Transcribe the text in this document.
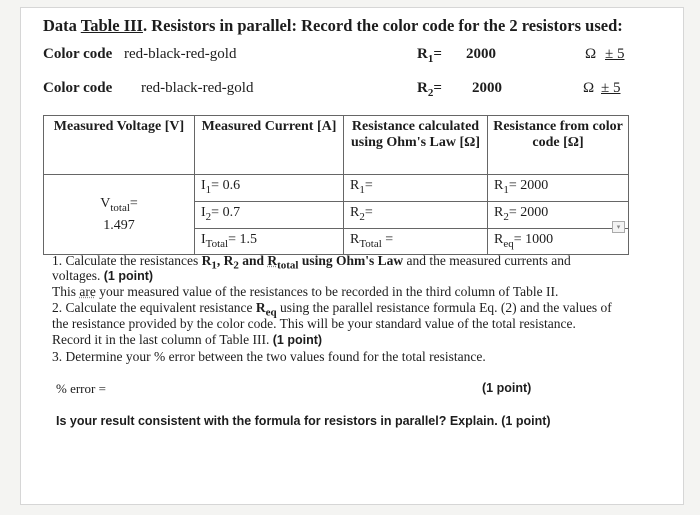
Data Table III. Resistors in parallel: Record the color code for the 2 resistors used:
Color code red-black-red-gold	$R_1= 2000$	Ω ± 5
Color code red-black-red-gold	$R_2= 2000$	Ω ± 5
Measured Voltage [V]	Measured Current [A]	Resistance calculated using Ohm's Law [Ω]	Resistance from color code [Ω]

$V_{total}=$
1.497	$I_1= 0.6$	$R_1=$	$R_1= 2000$
	$I_2= 0.7$	$R_2=$	$R_2= 2000$
	$I_{Total}= 1.5$	$R_{Total}$ =	$R_{eq}= 1000$
▾
1. Calculate the resistances $R_1$, $R_2$ and $R_{total}$ using Ohm's Law and the measured currents and
voltages. (1 point)
This are your measured value of the resistances to be recorded in the third column of Table II.
2. Calculate the equivalent resistance $R_{eq}$ using the parallel resistance formula Eq. (2) and the values of
the resistance provided by the color code. This will be your standard value of the total resistance.
Record it in the last column of Table III. (1 point)
3. Determine your % error between the two values found for the total resistance.
% error =	(1 point)
Is your result consistent with the formula for resistors in parallel? Explain. (1 point)
